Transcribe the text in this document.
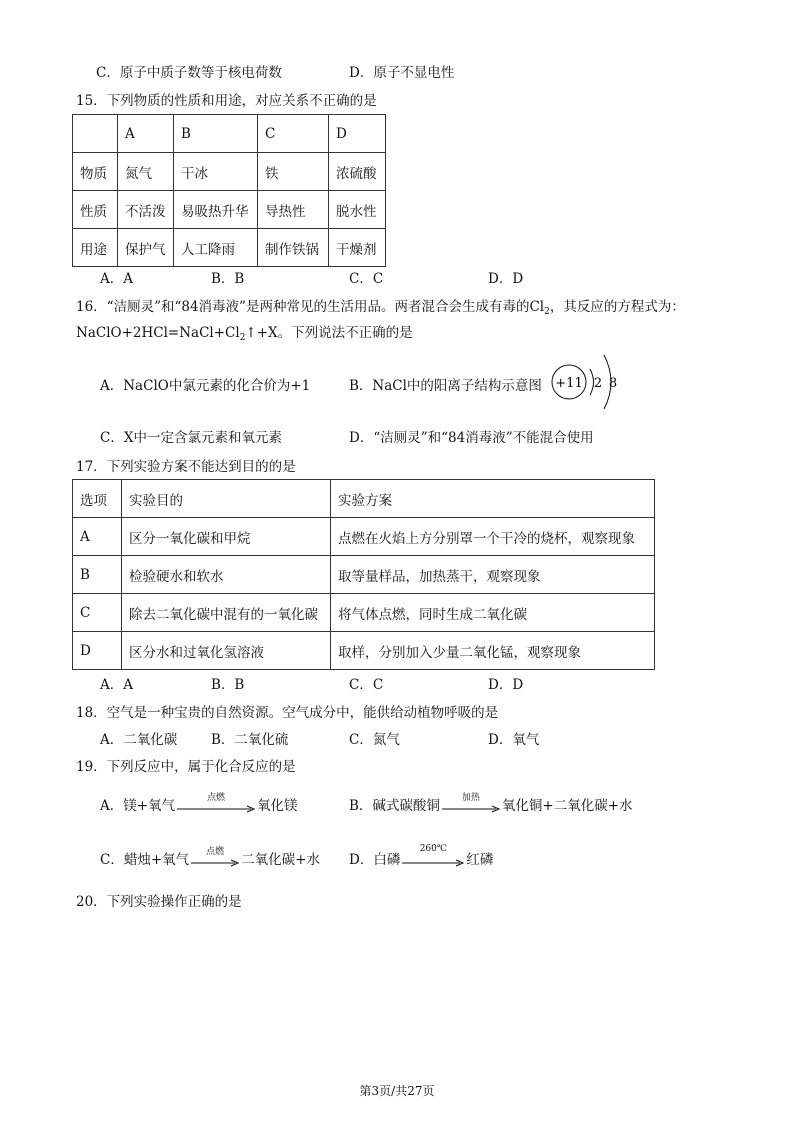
C．原子中质子数等于核电荷数	D．原子不显电性
15．下列物质的性质和用途，对应关系不正确的是
	A	B	C	D
物质	氮气	干冰	铁	浓硫酸
性质	不活泼	易吸热升华	导热性	脱水性
用途	保护气	人工降雨	制作铁锅	干燥剂
A．A	B．B	C．C	D．D
16．“洁厕灵”和“84消毒液”是两种常见的生活用品。两者混合会生成有毒的$Cl_2$，其反应的方程式为：
$NaClO+2HCl=NaCl+Cl_2↑+X$。下列说法不正确的是
A．NaClO中氯元素的化合价为+1	B．NaCl中的阳离子结构示意图 +11 2 8
C．X中一定含氯元素和氧元素	D．“洁厕灵”和“84消毒液”不能混合使用
17．下列实验方案不能达到目的的是
选项	实验目的	实验方案
A	区分一氧化碳和甲烷	点燃在火焰上方分别罩一个干冷的烧杯，观察现象
B	检验硬水和软水	取等量样品，加热蒸干，观察现象
C	除去二氧化碳中混有的一氧化碳	将气体点燃，同时生成二氧化碳
D	区分水和过氧化氢溶液	取样，分别加入少量二氧化锰，观察现象
A．A	B．B	C．C	D．D
18．空气是一种宝贵的自然资源。空气成分中，能供给动植物呼吸的是
A．二氧化碳	B．二氧化硫	C．氮气	D．氧气
19．下列反应中，属于化合反应的是
A．镁+氧气
点燃
氧化镁	B．碱式碳酸铜
加热
氧化铜+二氧化碳+水
C．蜡烛+氧气
点燃
二氧化碳+水 D．白磷
260℃
红磷
20．下列实验操作正确的是
第3页/共27页
